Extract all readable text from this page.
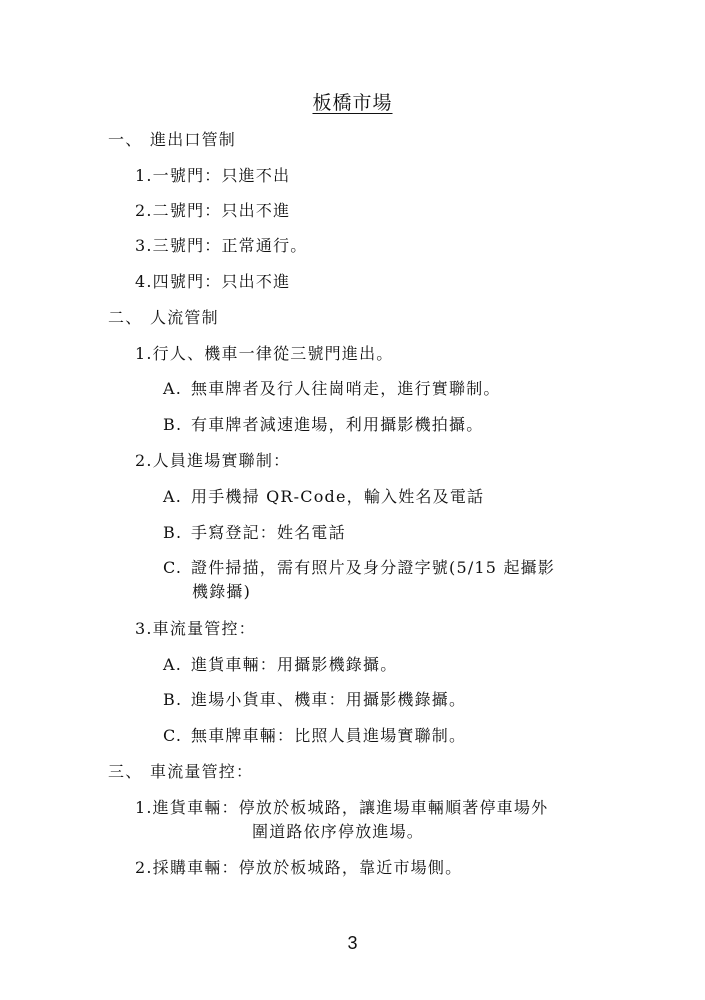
板橋市場
一、 進出口管制
1.一號門：只進不出
2.二號門：只出不進
3.三號門：正常通行。
4.四號門：只出不進
二、 人流管制
1.行人、機車一律從三號門進出。
A. 無車牌者及行人往崗哨走，進行實聯制。
B. 有車牌者減速進場，利用攝影機拍攝。
2.人員進場實聯制：
A. 用手機掃 QR-Code，輸入姓名及電話
B. 手寫登記：姓名電話
C. 證件掃描，需有照片及身分證字號(5/15 起攝影
機錄攝)
3.車流量管控：
A. 進貨車輛：用攝影機錄攝。
B. 進場小貨車、機車：用攝影機錄攝。
C. 無車牌車輛：比照人員進場實聯制。
三、 車流量管控：
1.進貨車輛：停放於板城路，讓進場車輛順著停車場外
圍道路依序停放進場。
2.採購車輛：停放於板城路，靠近市場側。
3
